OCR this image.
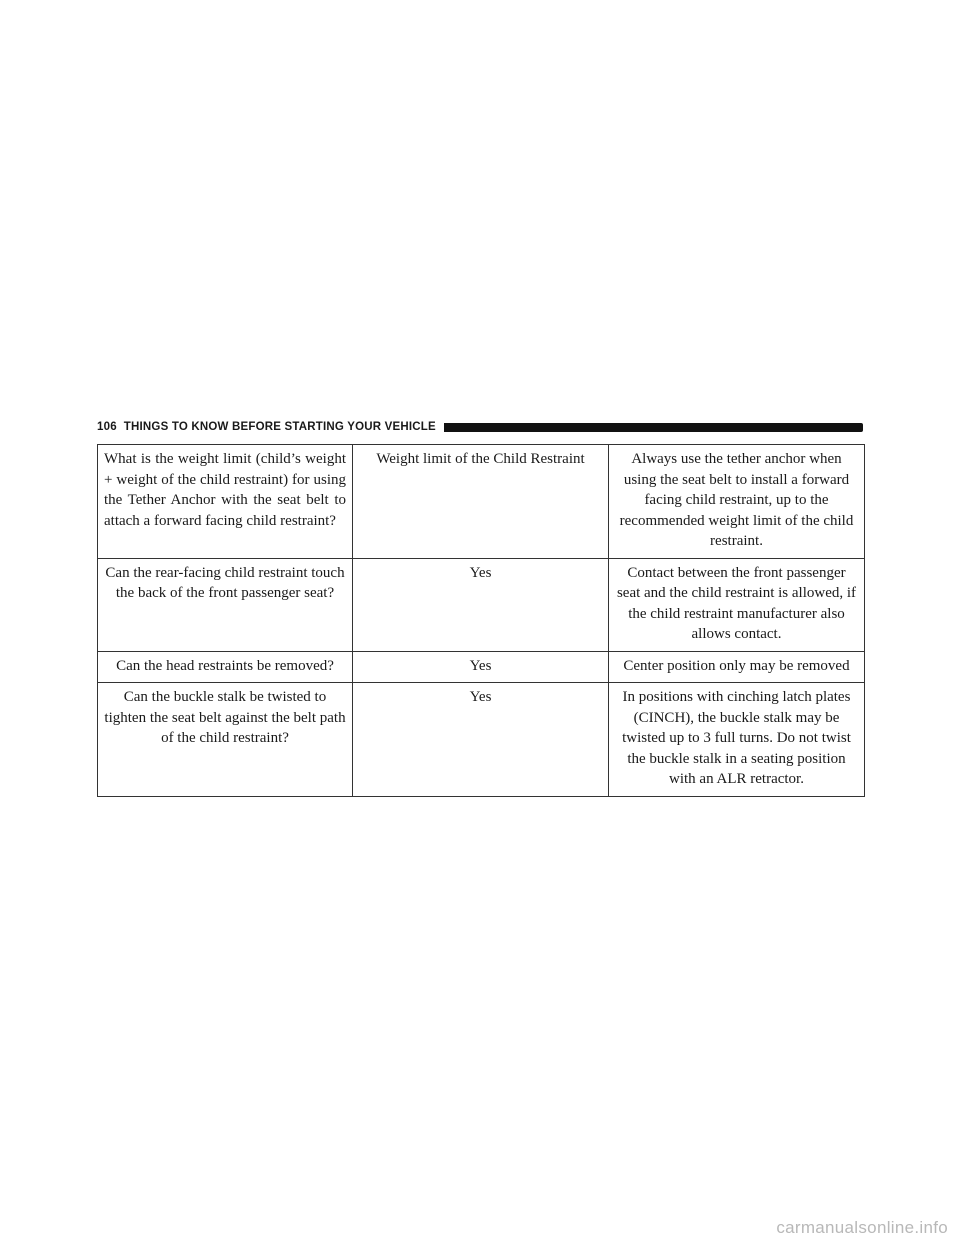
106 THINGS TO KNOW BEFORE STARTING YOUR VEHICLE
What is the weight limit (child’s weight + weight of the child restraint) for using the Tether Anchor with the seat belt to attach a forward facing child restraint?	Weight limit of the Child Restraint	Always use the tether anchor when using the seat belt to install a forward facing child restraint, up to the recommended weight limit of the child restraint.
Can the rear-facing child restraint touch the back of the front passenger seat?	Yes	Contact between the front passenger seat and the child restraint is allowed, if the child restraint manufacturer also allows contact.
Can the head restraints be removed?	Yes	Center position only may be removed
Can the buckle stalk be twisted to tighten the seat belt against the belt path of the child restraint?	Yes	In positions with cinching latch plates (CINCH), the buckle stalk may be twisted up to 3 full turns. Do not twist the buckle stalk in a seating position with an ALR retractor.
carmanualsonline.info
